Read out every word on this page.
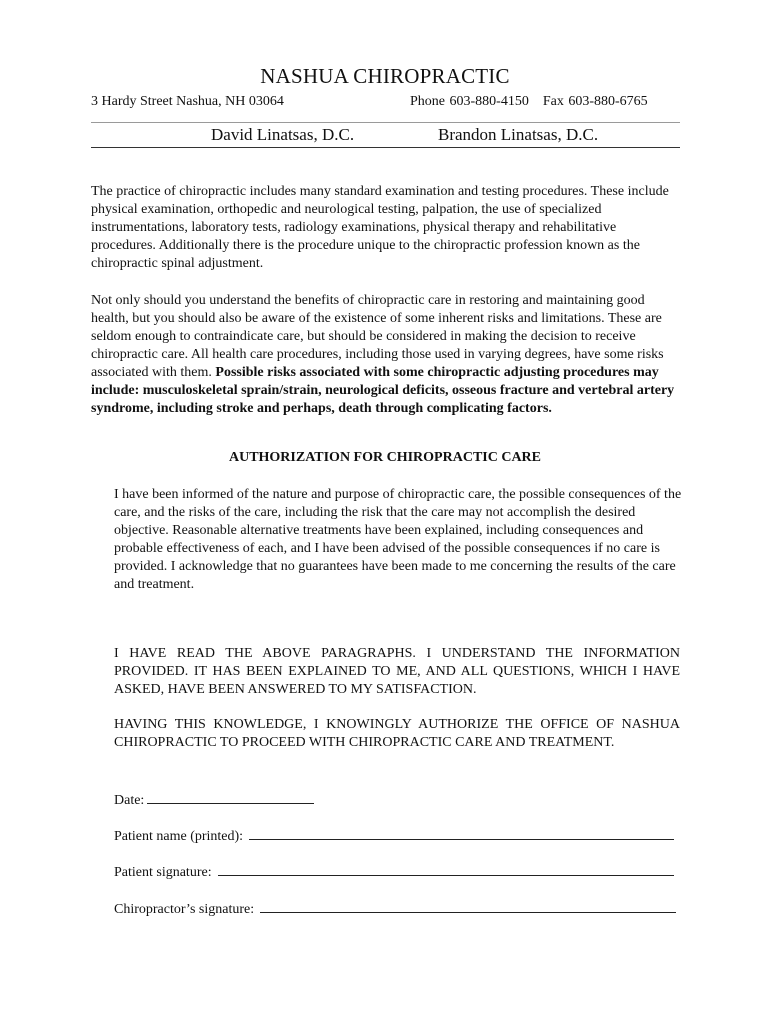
NASHUA CHIROPRACTIC
3 Hardy Street Nashua, NH 03064	Phone 603-880-4150 Fax 603-880-6765
David Linatsas, D.C.	Brandon Linatsas, D.C.

The practice of chiropractic includes many standard examination and testing procedures. These include physical examination, orthopedic and neurological testing, palpation, the use of specialized instrumentations, laboratory tests, radiology examinations, physical therapy and rehabilitative procedures. Additionally there is the procedure unique to the chiropractic profession known as the chiropractic spinal adjustment.

Not only should you understand the benefits of chiropractic care in restoring and maintaining good health, but you should also be aware of the existence of some inherent risks and limitations. These are seldom enough to contraindicate care, but should be considered in making the decision to receive chiropractic care. All health care procedures, including those used in varying degrees, have some risks associated with them. Possible risks associated with some chiropractic adjusting procedures may include: musculoskeletal sprain/strain, neurological deficits, osseous fracture and vertebral artery syndrome, including stroke and perhaps, death through complicating factors.

AUTHORIZATION FOR CHIROPRACTIC CARE

I have been informed of the nature and purpose of chiropractic care, the possible consequences of the care, and the risks of the care, including the risk that the care may not accomplish the desired objective. Reasonable alternative treatments have been explained, including consequences and probable effectiveness of each, and I have been advised of the possible consequences if no care is provided. I acknowledge that no guarantees have been made to me concerning the results of the care and treatment.

I HAVE READ THE ABOVE PARAGRAPHS. I UNDERSTAND THE INFORMATION PROVIDED. IT HAS BEEN EXPLAINED TO ME, AND ALL QUESTIONS, WHICH I HAVE ASKED, HAVE BEEN ANSWERED TO MY SATISFACTION.

HAVING THIS KNOWLEDGE, I KNOWINGLY AUTHORIZE THE OFFICE OF NASHUA CHIROPRACTIC TO PROCEED WITH CHIROPRACTIC CARE AND TREATMENT.

Date:
Patient name (printed):
Patient signature:
Chiropractor’s signature:
